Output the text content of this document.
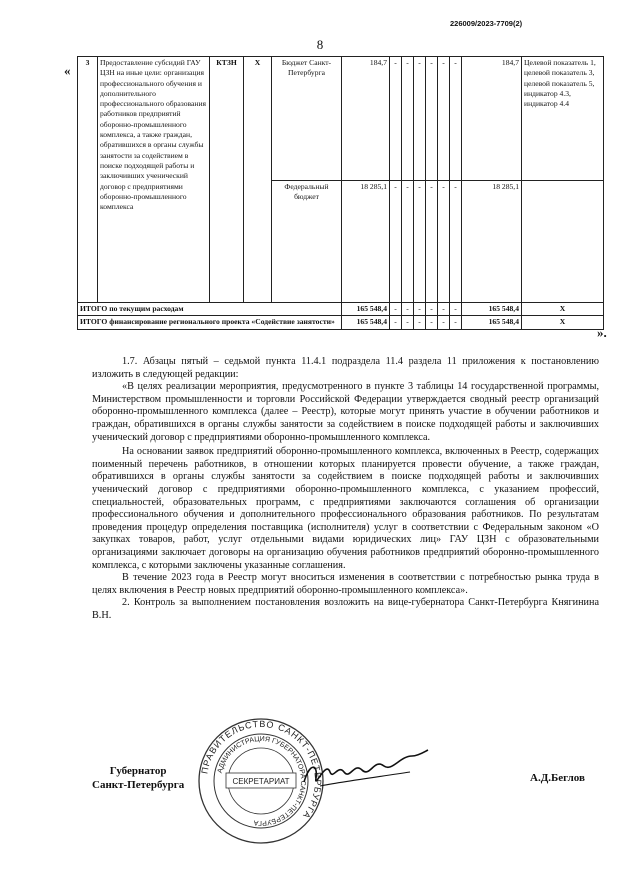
226009/2023-7709(2)
8
«
».
3	Предоставление субсидий ГАУ ЦЗН на иные цели: организация профессионального обучения и дополнительного профессионального образования работников предприятий оборонно-промышленного комплекса, а также граждан, обратившихся в органы службы занятости за содействием в поиске подходящей работы и заключивших ученический договор с предприятиями оборонно-промышленного комплекса	КТЗН	Х	Бюджет Санкт-Петербурга	184,7	-	-	-	-	-	-	184,7	Целевой показатель 1, целевой показатель 3, целевой показатель 5, индикатор 4.3, индикатор 4.4
				Федеральный бюджет	18 285,1	-	-	-	-	-	-	18 285,1	
ИТОГО по текущим расходам					165 548,4	-	-	-	-	-	-	165 548,4	Х
ИТОГО финансирование регионального проекта «Содействие занятости»					165 548,4	-	-	-	-	-	-	165 548,4	Х

1.7. Абзацы пятый – седьмой пункта 11.4.1 подраздела 11.4 раздела 11 приложения к постановлению изложить в следующей редакции:

«В целях реализации мероприятия, предусмотренного в пункте 3 таблицы 14 государственной программы, Министерством промышленности и торговли Российской Федерации утверждается сводный реестр организаций оборонно-промышленного комплекса (далее – Реестр), которые могут принять участие в обучении работников и граждан, обратившихся в органы службы занятости за содействием в поиске подходящей работы и заключивших ученический договор с предприятиями оборонно-промышленного комплекса.

На основании заявок предприятий оборонно-промышленного комплекса, включенных в Реестр, содержащих поименный перечень работников, в отношении которых планируется провести обучение, а также граждан, обратившихся в органы службы занятости за содействием в поиске подходящей работы и заключивших ученический договор с предприятиями оборонно-промышленного комплекса, с указанием профессий, специальностей, образовательных программ, с предприятиями заключаются соглашения об организации профессионального обучения и дополнительного профессионального образования работников. По результатам проведения процедур определения поставщика (исполнителя) услуг в соответствии с Федеральным законом «О закупках товаров, работ, услуг отдельными видами юридических лиц» ГАУ ЦЗН с образовательными организациями заключает договоры на организацию обучения работников предприятий оборонно-промышленного комплекса, с которыми заключены указанные соглашения.

В течение 2023 года в Реестр могут вноситься изменения в соответствии с потребностью рынка труда в целях включения в Реестр новых предприятий оборонно-промышленного комплекса».

2. Контроль за выполнением постановления возложить на вице-губернатора Санкт-Петербурга Княгинина В.Н.

Губернатор
Санкт-Петербурга
ПРАВИТЕЛЬСТВО САНКТ-ПЕТЕРБУРГА
АДМИНИСТРАЦИЯ ГУБЕРНАТОРА САНКТ-ПЕТЕРБУРГА
СЕКРЕТАРИАТ	А.Д.Беглов
